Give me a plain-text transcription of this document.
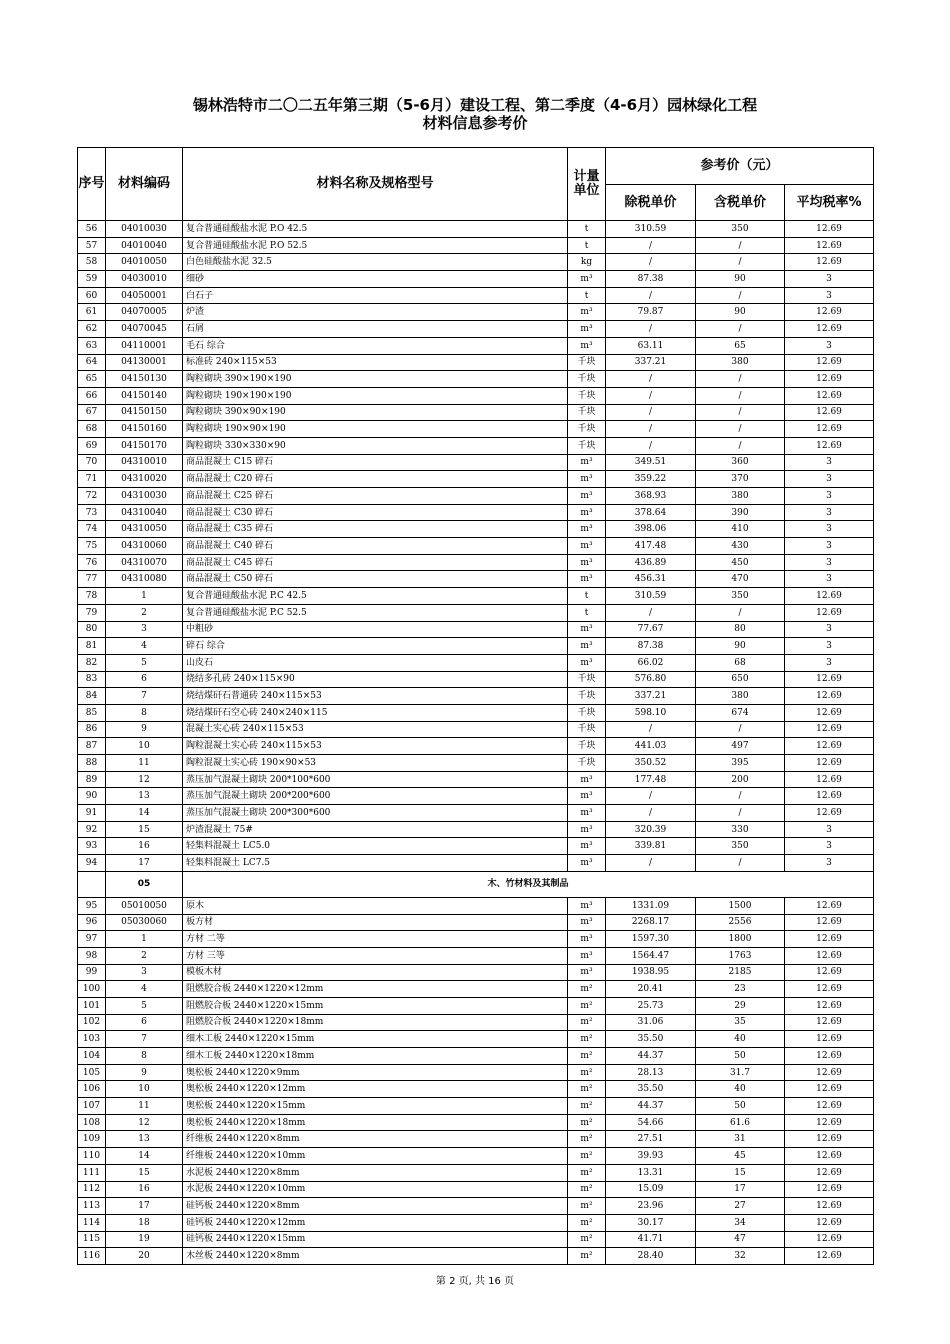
锡林浩特市二〇二五年第三期（5-6月）建设工程、第二季度（4-6月）园林绿化工程
材料信息参考价
序号	材料编码	材料名称及规格型号	计量单位	参考价（元）		
				除税单价	含税单价	平均税率%
56	04010030	复合普通硅酸盐水泥 P.O 42.5	t	310.59	350	12.69
57	04010040	复合普通硅酸盐水泥 P.O 52.5	t	/	/	12.69
58	04010050	白色硅酸盐水泥 32.5	kg	/	/	12.69
59	04030010	细砂	m³	87.38	90	3
60	04050001	白石子	t	/	/	3
61	04070005	炉渣	m³	79.87	90	12.69
62	04070045	石屑	m³	/	/	12.69
63	04110001	毛石 综合	m³	63.11	65	3
64	04130001	标准砖 240×115×53	千块	337.21	380	12.69
65	04150130	陶粒砌块 390×190×190	千块	/	/	12.69
66	04150140	陶粒砌块 190×190×190	千块	/	/	12.69
67	04150150	陶粒砌块 390×90×190	千块	/	/	12.69
68	04150160	陶粒砌块 190×90×190	千块	/	/	12.69
69	04150170	陶粒砌块 330×330×90	千块	/	/	12.69
70	04310010	商品混凝土 C15 碎石	m³	349.51	360	3
71	04310020	商品混凝土 C20 碎石	m³	359.22	370	3
72	04310030	商品混凝土 C25 碎石	m³	368.93	380	3
73	04310040	商品混凝土 C30 碎石	m³	378.64	390	3
74	04310050	商品混凝土 C35 碎石	m³	398.06	410	3
75	04310060	商品混凝土 C40 碎石	m³	417.48	430	3
76	04310070	商品混凝土 C45 碎石	m³	436.89	450	3
77	04310080	商品混凝土 C50 碎石	m³	456.31	470	3
78	1	复合普通硅酸盐水泥 P.C 42.5	t	310.59	350	12.69
79	2	复合普通硅酸盐水泥 P.C 52.5	t	/	/	12.69
80	3	中粗砂	m³	77.67	80	3
81	4	碎石 综合	m³	87.38	90	3
82	5	山皮石	m³	66.02	68	3
83	6	烧结多孔砖 240×115×90	千块	576.80	650	12.69
84	7	烧结煤矸石普通砖 240×115×53	千块	337.21	380	12.69
85	8	烧结煤矸石空心砖 240×240×115	千块	598.10	674	12.69
86	9	混凝土实心砖 240×115×53	千块	/	/	12.69
87	10	陶粒混凝土实心砖 240×115×53	千块	441.03	497	12.69
88	11	陶粒混凝土实心砖 190×90×53	千块	350.52	395	12.69
89	12	蒸压加气混凝土砌块 200*100*600	m³	177.48	200	12.69
90	13	蒸压加气混凝土砌块 200*200*600	m³	/	/	12.69
91	14	蒸压加气混凝土砌块 200*300*600	m³	/	/	12.69
92	15	炉渣混凝土 75#	m³	320.39	330	3
93	16	轻集料混凝土 LC5.0	m³	339.81	350	3
94	17	轻集料混凝土 LC7.5	m³	/	/	3
	05	木、竹材料及其制品				
95	05010050	原木	m³	1331.09	1500	12.69
96	05030060	板方材	m³	2268.17	2556	12.69
97	1	方材 二等	m³	1597.30	1800	12.69
98	2	方材 三等	m³	1564.47	1763	12.69
99	3	模板木材	m³	1938.95	2185	12.69
100	4	阻燃胶合板 2440×1220×12mm	m²	20.41	23	12.69
101	5	阻燃胶合板 2440×1220×15mm	m²	25.73	29	12.69
102	6	阻燃胶合板 2440×1220×18mm	m²	31.06	35	12.69
103	7	细木工板 2440×1220×15mm	m²	35.50	40	12.69
104	8	细木工板 2440×1220×18mm	m²	44.37	50	12.69
105	9	奥松板 2440×1220×9mm	m²	28.13	31.7	12.69
106	10	奥松板 2440×1220×12mm	m²	35.50	40	12.69
107	11	奥松板 2440×1220×15mm	m²	44.37	50	12.69
108	12	奥松板 2440×1220×18mm	m²	54.66	61.6	12.69
109	13	纤维板 2440×1220×8mm	m²	27.51	31	12.69
110	14	纤维板 2440×1220×10mm	m²	39.93	45	12.69
111	15	水泥板 2440×1220×8mm	m²	13.31	15	12.69
112	16	水泥板 2440×1220×10mm	m²	15.09	17	12.69
113	17	硅钙板 2440×1220×8mm	m²	23.96	27	12.69
114	18	硅钙板 2440×1220×12mm	m²	30.17	34	12.69
115	19	硅钙板 2440×1220×15mm	m²	41.71	47	12.69
116	20	木丝板 2440×1220×8mm	m²	28.40	32	12.69
第 2 页, 共 16 页
